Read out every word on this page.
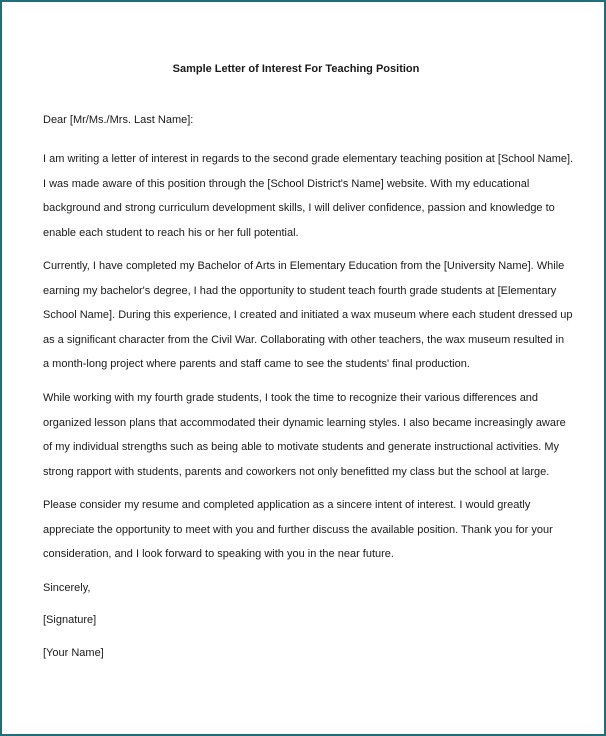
Sample Letter of Interest For Teaching Position
Dear [Mr/Ms./Mrs. Last Name]:
I am writing a letter of interest in regards to the second grade elementary teaching position at [School Name].
I was made aware of this position through the [School District's Name] website. With my educational
background and strong curriculum development skills, I will deliver confidence, passion and knowledge to
enable each student to reach his or her full potential.
Currently, I have completed my Bachelor of Arts in Elementary Education from the [University Name]. While
earning my bachelor's degree, I had the opportunity to student teach fourth grade students at [Elementary
School Name]. During this experience, I created and initiated a wax museum where each student dressed up
as a significant character from the Civil War. Collaborating with other teachers, the wax museum resulted in
a month-long project where parents and staff came to see the students' final production.
While working with my fourth grade students, I took the time to recognize their various differences and
organized lesson plans that accommodated their dynamic learning styles. I also became increasingly aware
of my individual strengths such as being able to motivate students and generate instructional activities. My
strong rapport with students, parents and coworkers not only benefitted my class but the school at large.
Please consider my resume and completed application as a sincere intent of interest. I would greatly
appreciate the opportunity to meet with you and further discuss the available position. Thank you for your
consideration, and I look forward to speaking with you in the near future.
Sincerely,
[Signature]
[Your Name]
